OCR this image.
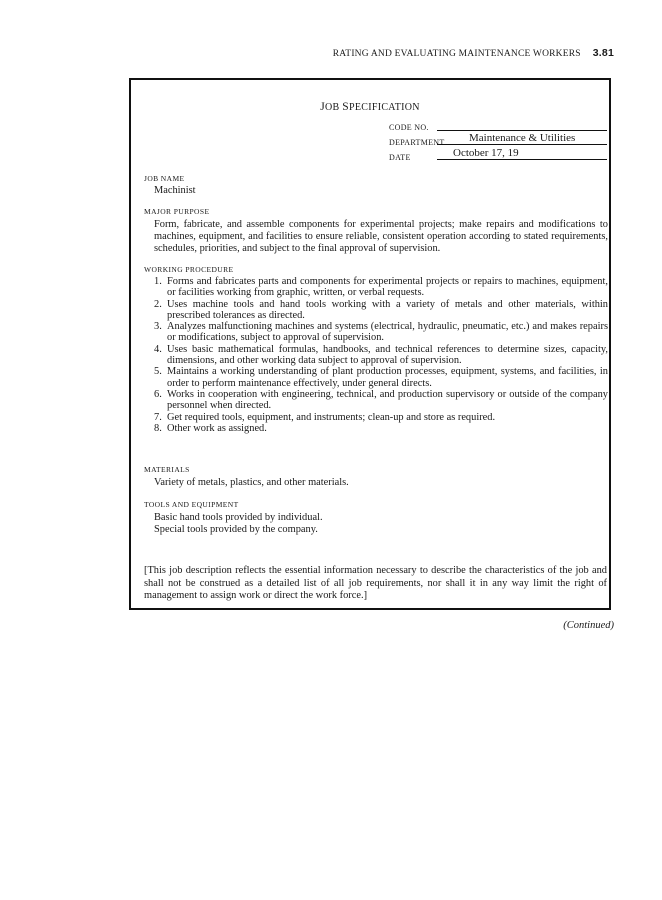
RATING AND EVALUATING MAINTENANCE WORKERS 3.81
JOB SPECIFICATION
CODE NO.
DEPARTMENT	Maintenance & Utilities
DATE	October 17, 19
JOB NAME
Machinist
MAJOR PURPOSE
Form, fabricate, and assemble components for experimental projects; make repairs and modifications to machines, equipment, and facilities to ensure reliable, consistent operation according to stated requirements, schedules, priorities, and subject to the final approval of supervision.
WORKING PROCEDURE
1. Forms and fabricates parts and components for experimental projects or repairs to machines, equipment, or facilities working from graphic, written, or verbal requests.
2. Uses machine tools and hand tools working with a variety of metals and other materials, within prescribed tolerances as directed.
3. Analyzes malfunctioning machines and systems (electrical, hydraulic, pneumatic, etc.) and makes repairs or modifications, subject to approval of supervision.
4. Uses basic mathematical formulas, handbooks, and technical references to determine sizes, capacity, dimensions, and other working data subject to approval of supervision.
5. Maintains a working understanding of plant production processes, equipment, systems, and facilities, in order to perform maintenance effectively, under general directs.
6. Works in cooperation with engineering, technical, and production supervisory or outside of the company personnel when directed.
7. Get required tools, equipment, and instruments; clean-up and store as required.
8. Other work as assigned.
MATERIALS
Variety of metals, plastics, and other materials.
TOOLS AND EQUIPMENT
Basic hand tools provided by individual.
Special tools provided by the company.
[This job description reflects the essential information necessary to describe the characteristics of the job and shall not be construed as a detailed list of all job requirements, nor shall it in any way limit the right of management to assign work or direct the work force.]
(Continued)
